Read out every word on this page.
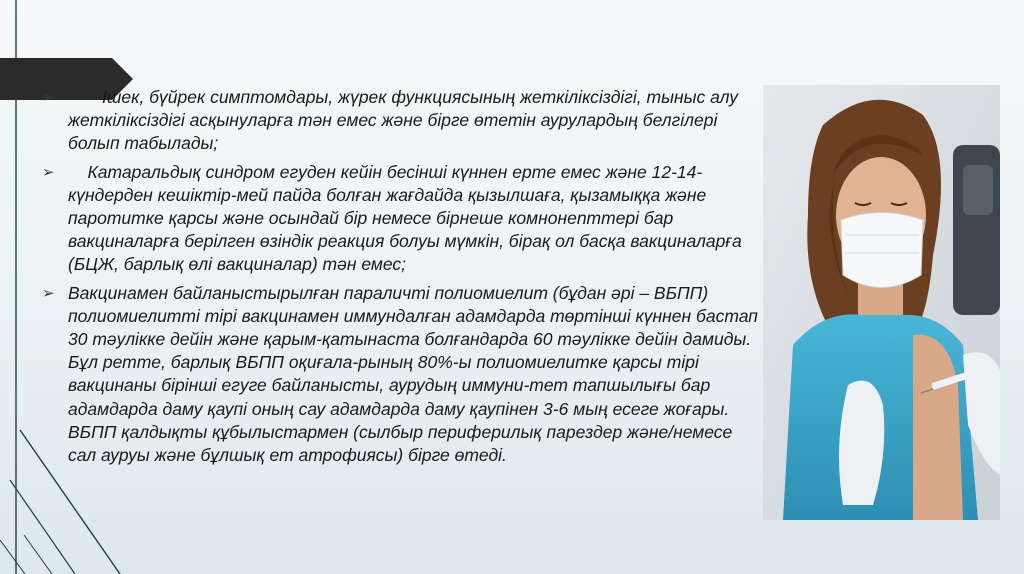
➢ Ішек, бүйрек симптомдары, жүрек функциясының жеткіліксіздігі, тыныс алу жеткіліксіздігі асқынуларға тән емес және бірге өтетін аурулардың белгілері болып табылады;
➢ Катаральдық синдром егуден кейін бесінші күннен ерте емес және 12-14-күндерден кешіктір-мей пайда болған жағдайда қызылшаға, қызамыққа және паротитке қарсы және осындай бір немесе бірнеше комнонenттері бар вакциналарға берілген өзіндік реакция болуы мүмкін, бірақ ол басқа вакциналарға (БЦЖ, барлық өлі вакциналар) тән емес;
➢ Вакцинамен байланыстырылған параличті полиомиелит (бұдан әрі – ВБПП) полиомиелитті тірі вакцинамен иммундалған адамдарда төртінші күннен бастап 30 тәулікке дейін және қарым-қатынаста болғандарда 60 тәулікке дейін дамиды. Бұл ретте, барлық ВБПП оқиғала-рының 80%-ы полиомиелитке қарсы тірі вакцинаны бірінші егуге байланысты, аурудың иммуни-тет тапшылығы бар адамдарда даму қаупі оның сау адамдарда даму қаупінен 3-6 мың есеге жоғары. ВБПП қалдықты құбылыстармен (сылбыр периферилық парездер және/немесе сал ауруы және бұлшық ет атрофиясы) бірге өтеді.
